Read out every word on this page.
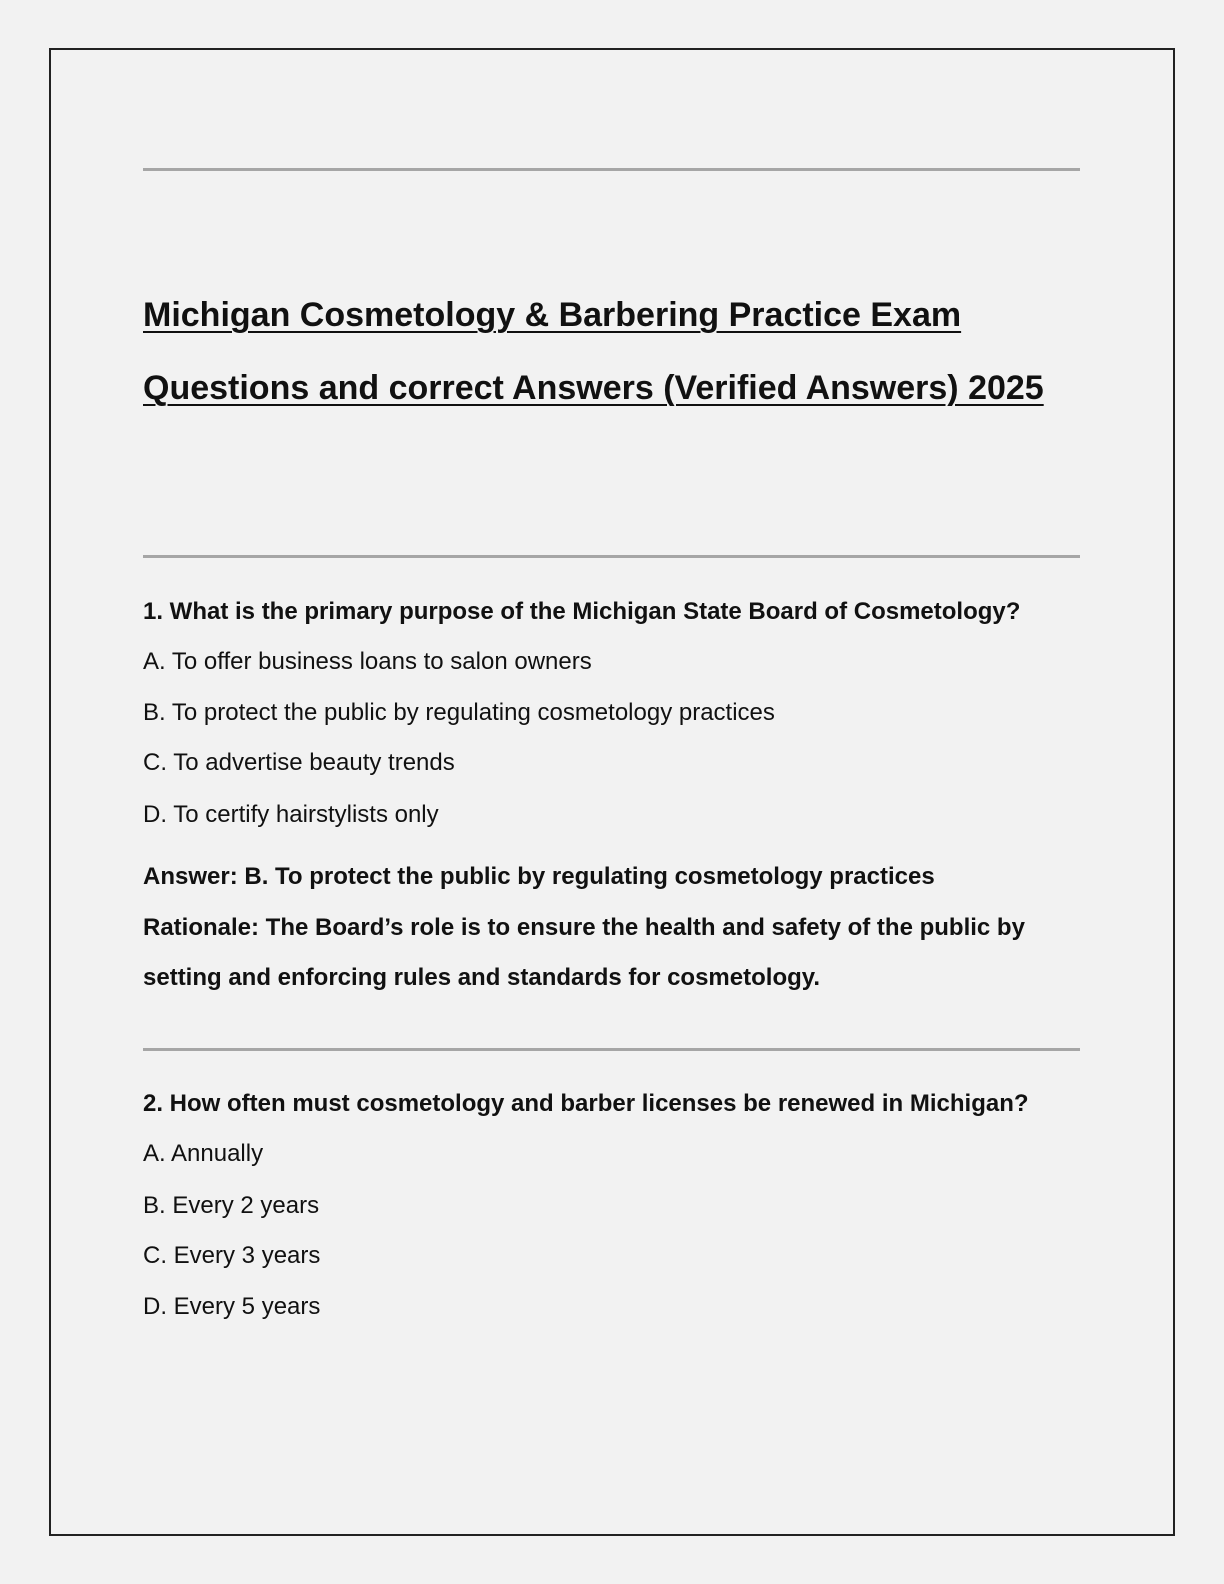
Michigan Cosmetology & Barbering Practice Exam
Questions and correct Answers (Verified Answers) 2025

1. What is the primary purpose of the Michigan State Board of Cosmetology?

A. To offer business loans to salon owners

B. To protect the public by regulating cosmetology practices

C. To advertise beauty trends

D. To certify hairstylists only

Answer: B. To protect the public by regulating cosmetology practices

Rationale: The Board’s role is to ensure the health and safety of the public by

setting and enforcing rules and standards for cosmetology.

2. How often must cosmetology and barber licenses be renewed in Michigan?

A. Annually

B. Every 2 years

C. Every 3 years

D. Every 5 years
